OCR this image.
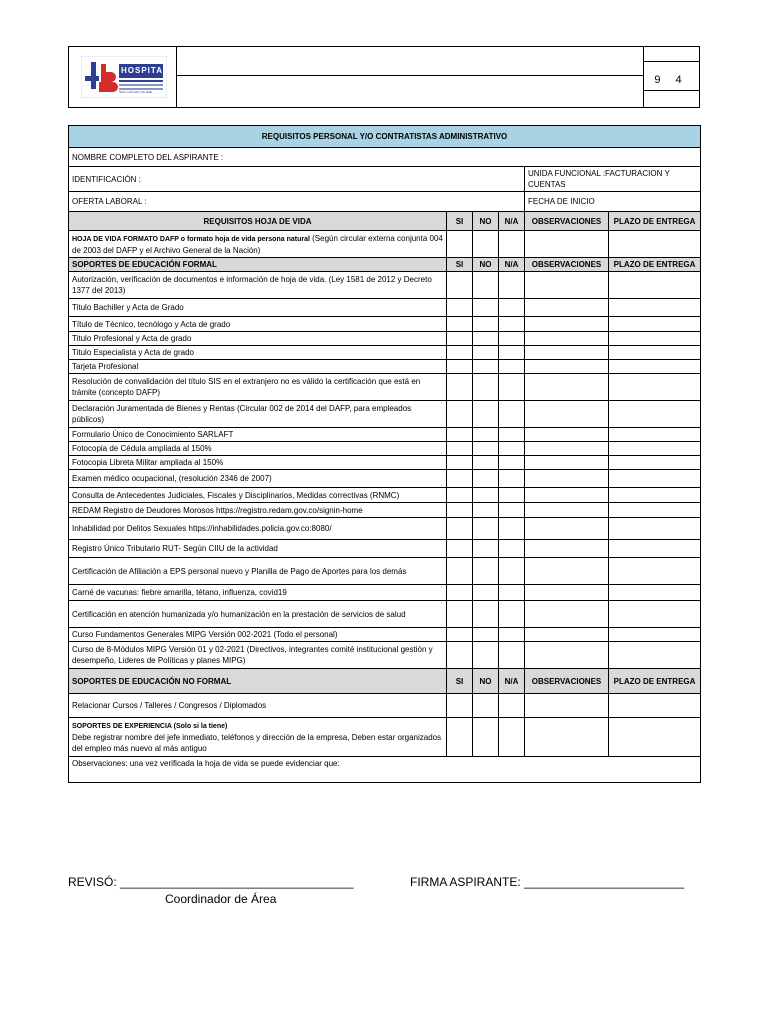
HOSPITAL
SAN LUIS SAN GIL ESE
9 4
REQUISITOS PERSONAL Y/O CONTRATISTAS ADMINISTRATIVO					
NOMBRE COMPLETO DEL ASPIRANTE :					
IDENTIFICACIÓN :				UNIDA FUNCIONAL :FACTURACION Y CUENTAS	
OFERTA LABORAL :				FECHA DE INICIO	
REQUISITOS HOJA DE VIDA	SI	NO	N/A	OBSERVACIONES	PLAZO DE ENTREGA
HOJA DE VIDA FORMATO DAFP o formato hoja de vida persona natural (Según circular externa conjunta 004 de 2003 del DAFP y el Archivo General de la Nación)					
SOPORTES DE EDUCACIÓN FORMAL	SI	NO	N/A	OBSERVACIONES	PLAZO DE ENTREGA
Autorización, verificación de documentos e información de hoja de vida. (Ley 1581 de 2012 y Decreto 1377 del 2013)					
Titulo Bachiller y Acta de Grado					
Título de Técnico, tecnólogo y Acta de grado					
Titulo Profesional y Acta de grado					
Titulo Especialista y Acta de grado					
Tarjeta Profesional					
Resolución de convalidación del título SIS en el extranjero no es válido la certificación que está en trámite (concepto DAFP)					
Declaración Juramentada de Bienes y Rentas (Circular 002 de 2014 del DAFP, para empleados públicos)					
Formulario Único de Conocimiento SARLAFT					
Fotocopia de Cédula ampliada al 150%					
Fotocopia Libreta Militar ampliada al 150%					
Examen médico ocupacional, (resolución 2346 de 2007)					
Consulta de Antecedentes Judiciales, Fiscales y Disciplinarios, Medidas correctivas (RNMC)					
REDAM Registro de Deudores Morosos https://registro.redam.gov.co/signin-home					
Inhabilidad por Delitos Sexuales https://inhabilidades.policia.gov.co:8080/					
Registro Único Tributario RUT- Según CIIU de la actividad					
Certificación de Afiliación a EPS personal nuevo y Planilla de Pago de Aportes para los demás					
Carné de vacunas: fiebre amarilla, tétano, influenza, covid19					
Certificación en atención humanizada y/o humanización en la prestación de servicios de salud					
Curso Fundamentos Generales MIPG Versión 002-2021 (Todo el personal)					
Curso de 8-Módulos MIPG Versión 01 y 02-2021 (Directivos, integrantes comité institucional gestión y desempeño, Lideres de Políticas y planes MIPG)					
SOPORTES DE EDUCACIÓN NO FORMAL	SI	NO	N/A	OBSERVACIONES	PLAZO DE ENTREGA
Relacionar Cursos / Talleres / Congresos / Diplomados					

SOPORTES DE EXPERIENCIA (Solo si la tiene)
Debe registrar nombre del jefe inmediato, teléfonos y dirección de la empresa, Deben estar organizados del empleo más nuevo al más antiguo					

Observaciones: una vez verificada la hoja de vida se puede evidenciar que:					
REVISÓ: ___________________________________
Coordinador de Área
FIRMA ASPIRANTE: ________________________
